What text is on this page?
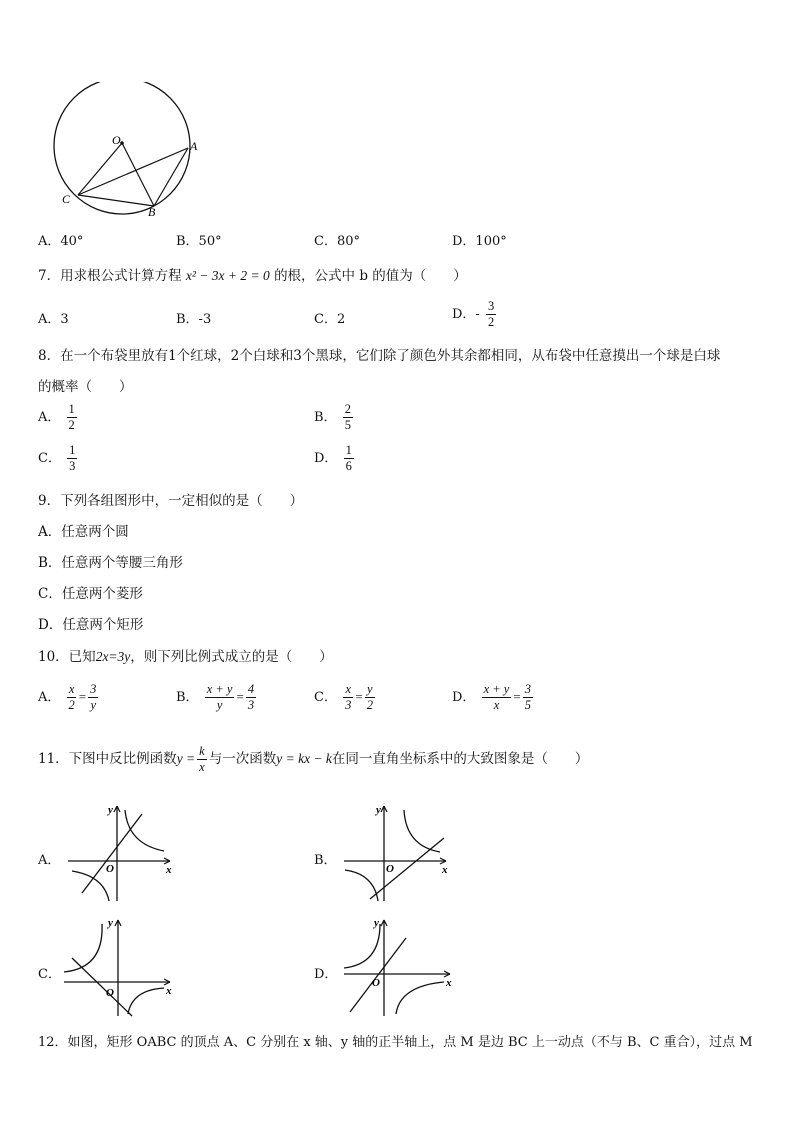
O	A
B
C
A．40°	B．50°	C．80°	D．100°
7．用求根公式计算方程 x² − 3x + 2 = 0 的根，公式中 b 的值为（　　）
A．3	B．-3	C．2	D．- $\frac{3}{2}$
8．在一个布袋里放有1个红球，2个白球和3个黑球，它们除了颜色外其余都相同，从布袋中任意摸出一个球是白球
的概率（　　）
A． $\frac{1}{2}$	B． $\frac{2}{5}$
C． $\frac{1}{3}$	D． $\frac{1}{6}$
9．下列各组图形中，一定相似的是（　　）
A．任意两个圆
B．任意两个等腰三角形
C．任意两个菱形
D．任意两个矩形
10．已知2x=3y，则下列比例式成立的是（　　）
A． $\frac{x}{2} = \frac{3}{y}$	B． $\frac{x + y}{y} = \frac{4}{3}$	C． $\frac{x}{3} = \frac{y}{2}$	D． $\frac{x + y}{x} = \frac{3}{5}$
11．下图中反比例函数$y = \frac{k}{x}$ 与一次函数y = kx − k在同一直角坐标系中的大致图象是（　　）
A．
y
x
O
B．
y
x
O
C．
y
x
O
D．
y
x
O
12．如图，矩形 OABC 的顶点 A、C 分别在 x 轴、y 轴的正半轴上，点 M 是边 BC 上一动点（不与 B、C 重合），过点 M
